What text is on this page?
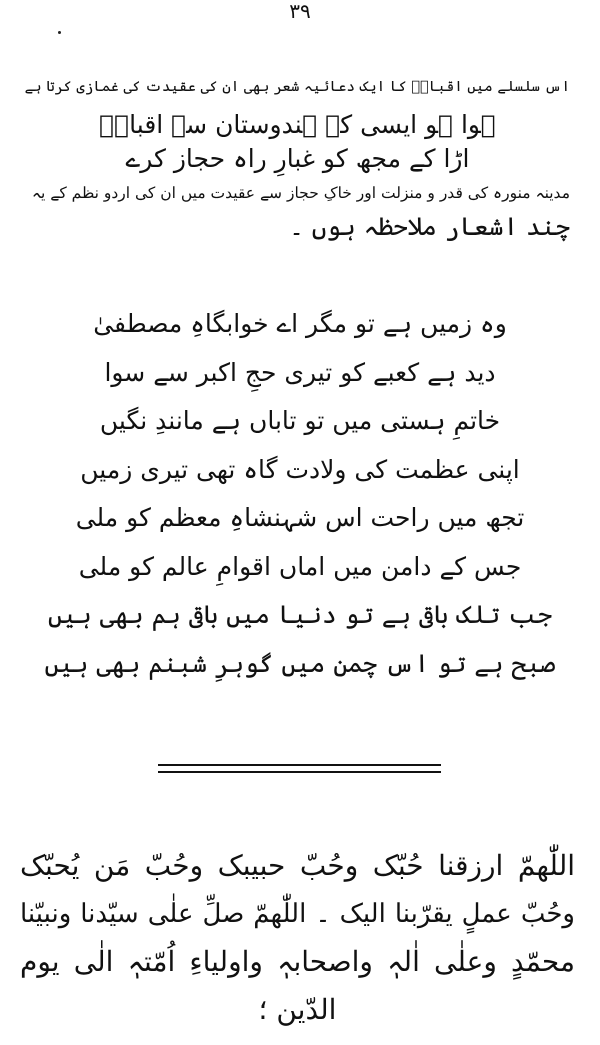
۳۹
اس سلسلے میں اقبالؔ کا ایک دعائیہ شعر بھی ان کی عقیدت کی غمازی کرتا ہے
ہوا ہو ایسی کہ ہندوستان سے اقبالؔ
اڑا کے مجھ کو غبارِ راہ حجاز کرے
مدینہ منورہ کی قدر و منزلت اور خاکِ حجاز سے عقیدت میں ان کی اردو نظم کے یہ
چند اشعار ملاحظہ ہوں ۔
وہ زمیں ہے تو مگر اے خوابگاہِ مصطفیٰ
دید ہے کعبے کو تیری حجِ اکبر سے سوا
خاتمِ ہستی میں تو تاباں ہے مانندِ نگیں
اپنی عظمت کی ولادت گاہ تھی تیری زمیں
تجھ میں راحت اس شہنشاہِ معظم کو ملی
جس کے دامن میں اماں اقوامِ عالم کو ملی
جب تلک باقی ہے تو دنیا میں باقی ہم بھی ہیں
صبح ہے تو اس چمن میں گوہرِ شبنم بھی ہیں
اللّٰھمّ ارزقنا حُبّک وحُبّ حبیبک وحُبّ مَن یُحبّک
وحُبّ عملٍ یقرّبنا الیک ۔ اللّٰھمّ صلِّ علٰی سیّدنا ونبیّنا
محمّدٍ وعلٰی اٰلہٖ واصحابہٖ واولیاءِ اُمّتہٖ الٰی یوم
الدّین ؛
